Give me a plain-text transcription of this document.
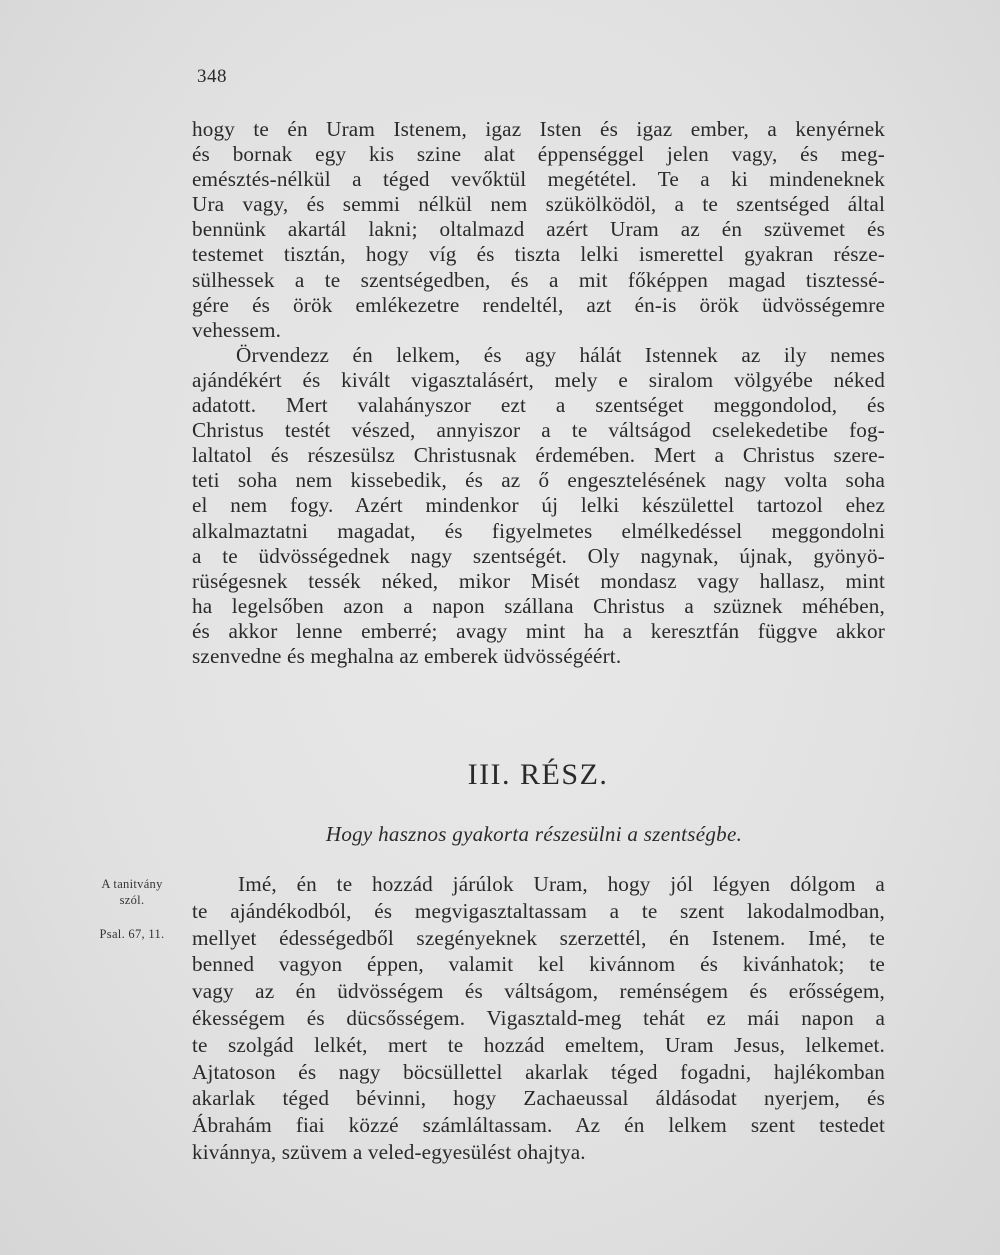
348
hogy te én Uram Istenem, igaz Isten és igaz ember, a kenyérnek
és bornak egy kis szine alat éppenséggel jelen vagy, és meg-
emésztés-nélkül a téged vevőktül megététel. Te a ki mindeneknek
Ura vagy, és semmi nélkül nem szükölködöl, a te szentséged által
bennünk akartál lakni; oltalmazd azért Uram az én szüvemet és
testemet tisztán, hogy víg és tiszta lelki ismerettel gyakran része-
sülhessek a te szentségedben, és a mit főképpen magad tisztessé-
gére és örök emlékezetre rendeltél, azt én-is örök üdvösségemre
vehessem.
Örvendezz én lelkem, és agy hálát Istennek az ily nemes
ajándékért és kivált vigasztalásért, mely e siralom völgyébe néked
adatott. Mert valahányszor ezt a szentséget meggondolod, és
Christus testét vészed, annyiszor a te váltságod cselekedetibe fog-
laltatol és részesülsz Christusnak érdemében. Mert a Christus szere-
teti soha nem kissebedik, és az ő engesztelésének nagy volta soha
el nem fogy. Azért mindenkor új lelki készülettel tartozol ehez
alkalmaztatni magadat, és figyelmetes elmélkedéssel meggondolni
a te üdvösségednek nagy szentségét. Oly nagynak, újnak, gyönyö-
rüségesnek tessék néked, mikor Misét mondasz vagy hallasz, mint
ha legelsőben azon a napon szállana Christus a szüznek méhében,
és akkor lenne emberré; avagy mint ha a keresztfán függve akkor
szenvedne és meghalna az emberek üdvösségéért.
III. RÉSZ.
Hogy hasznos gyakorta részesülni a szentségbe.
A tanitvány
szól.
Psal. 67, 11.
Imé, én te hozzád járúlok Uram, hogy jól légyen dólgom a
te ajándékodból, és megvigasztaltassam a te szent lakodalmodban,
mellyet édességedből szegényeknek szerzettél, én Istenem. Imé, te
benned vagyon éppen, valamit kel kivánnom és kivánhatok; te
vagy az én üdvösségem és váltságom, reménségem és erősségem,
ékességem és dücsősségem. Vigasztald-meg tehát ez mái napon a
te szolgád lelkét, mert te hozzád emeltem, Uram Jesus, lelkemet.
Ajtatoson és nagy böcsüllettel akarlak téged fogadni, hajlékomban
akarlak téged bévinni, hogy Zachaeussal áldásodat nyerjem, és
Ábrahám fiai közzé számláltassam. Az én lelkem szent testedet
kivánnya, szüvem a veled-egyesülést ohajtya.
